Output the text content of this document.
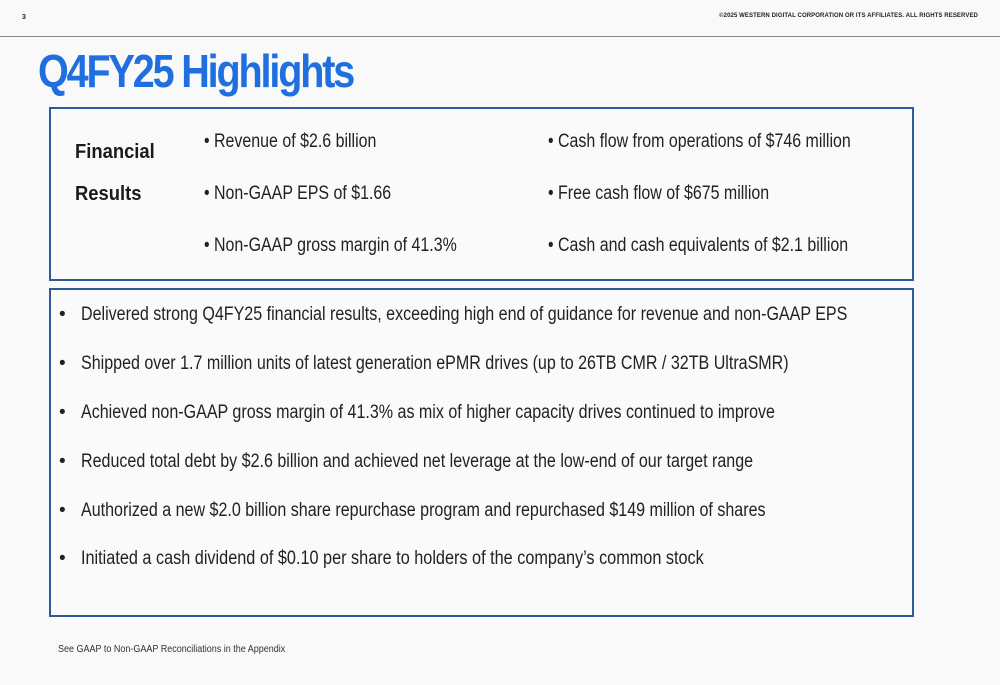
3	©2025 WESTERN DIGITAL CORPORATION OR ITS AFFILIATES. ALL RIGHTS RESERVED
Q4FY25 Highlights
Financial
Results
• Revenue of $2.6 billion
• Non-GAAP EPS of $1.66
• Non-GAAP gross margin of 41.3%
• Cash flow from operations of $746 million
• Free cash flow of $675 million
• Cash and cash equivalents of $2.1 billion
• Delivered strong Q4FY25 financial results, exceeding high end of guidance for revenue and non-GAAP EPS
• Shipped over 1.7 million units of latest generation ePMR drives (up to 26TB CMR / 32TB UltraSMR)
• Achieved non-GAAP gross margin of 41.3% as mix of higher capacity drives continued to improve
• Reduced total debt by $2.6 billion and achieved net leverage at the low-end of our target range
• Authorized a new $2.0 billion share repurchase program and repurchased $149 million of shares
• Initiated a cash dividend of $0.10 per share to holders of the company’s common stock
See GAAP to Non-GAAP Reconciliations in the Appendix
